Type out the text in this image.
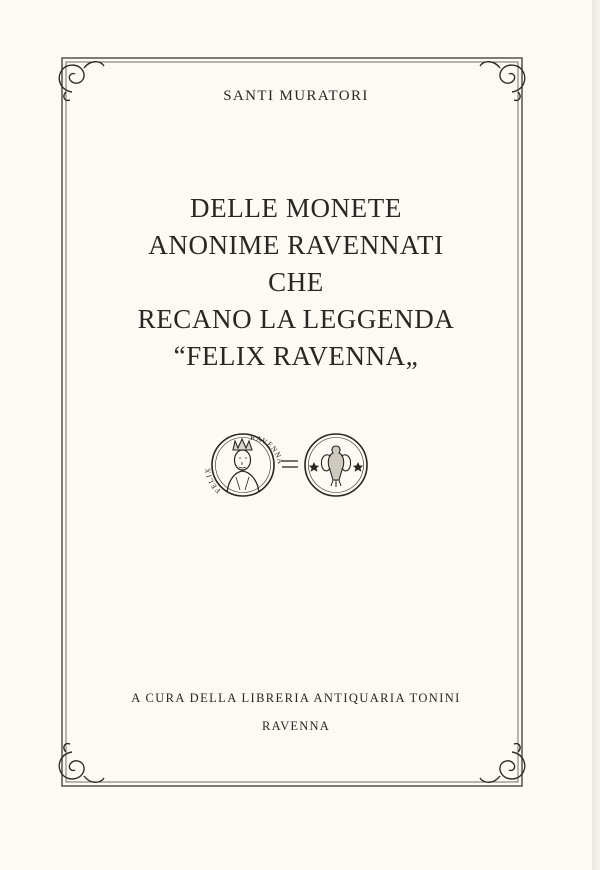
SANTI MURATORI
DELLE MONETE
ANONIME RAVENNATI
CHE
RECANO LA LEGGENDA
“FELIX RAVENNA„
FELIX
RAVENNA
A CURA DELLA LIBRERIA ANTIQUARIA TONINI
RAVENNA
